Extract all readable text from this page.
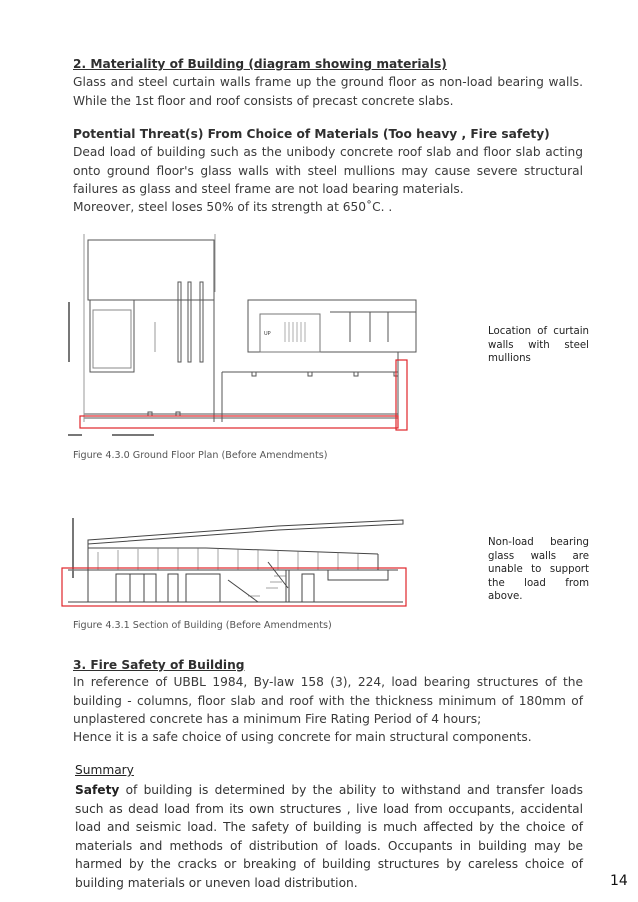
2. Materiality of Building (diagram showing materials)
Glass and steel curtain walls frame up the ground floor as non-load bearing walls. While the 1st floor and roof consists of precast concrete slabs.
Potential Threat(s) From Choice of Materials (Too heavy , Fire safety)
Dead load of building such as the unibody concrete roof slab and floor slab acting onto ground floor's glass walls with steel mullions may cause severe structural failures as glass and steel frame are not load bearing materials.
Moreover, steel loses 50% of its strength at 650˚C. .
UP	Location of curtain walls with steel mullions
Figure 4.3.0 Ground Floor Plan (Before Amendments)
Non-load bearing glass walls are unable to support the load from above.
Figure 4.3.1 Section of Building (Before Amendments)
3. Fire Safety of Building
In reference of UBBL 1984, By-law 158 (3), 224, load bearing structures of the building - columns, floor slab and roof with the thickness minimum of 180mm of unplastered concrete has a minimum Fire Rating Period of 4 hours;
Hence it is a safe choice of using concrete for main structural components.
Summary
Safety of building is determined by the ability to withstand and transfer loads such as dead load from its own structures , live load from occupants, accidental load and seismic load. The safety of building is much affected by the choice of materials and methods of distribution of loads. Occupants in building may be harmed by the cracks or breaking of building structures by careless choice of building materials or uneven load distribution.	14
